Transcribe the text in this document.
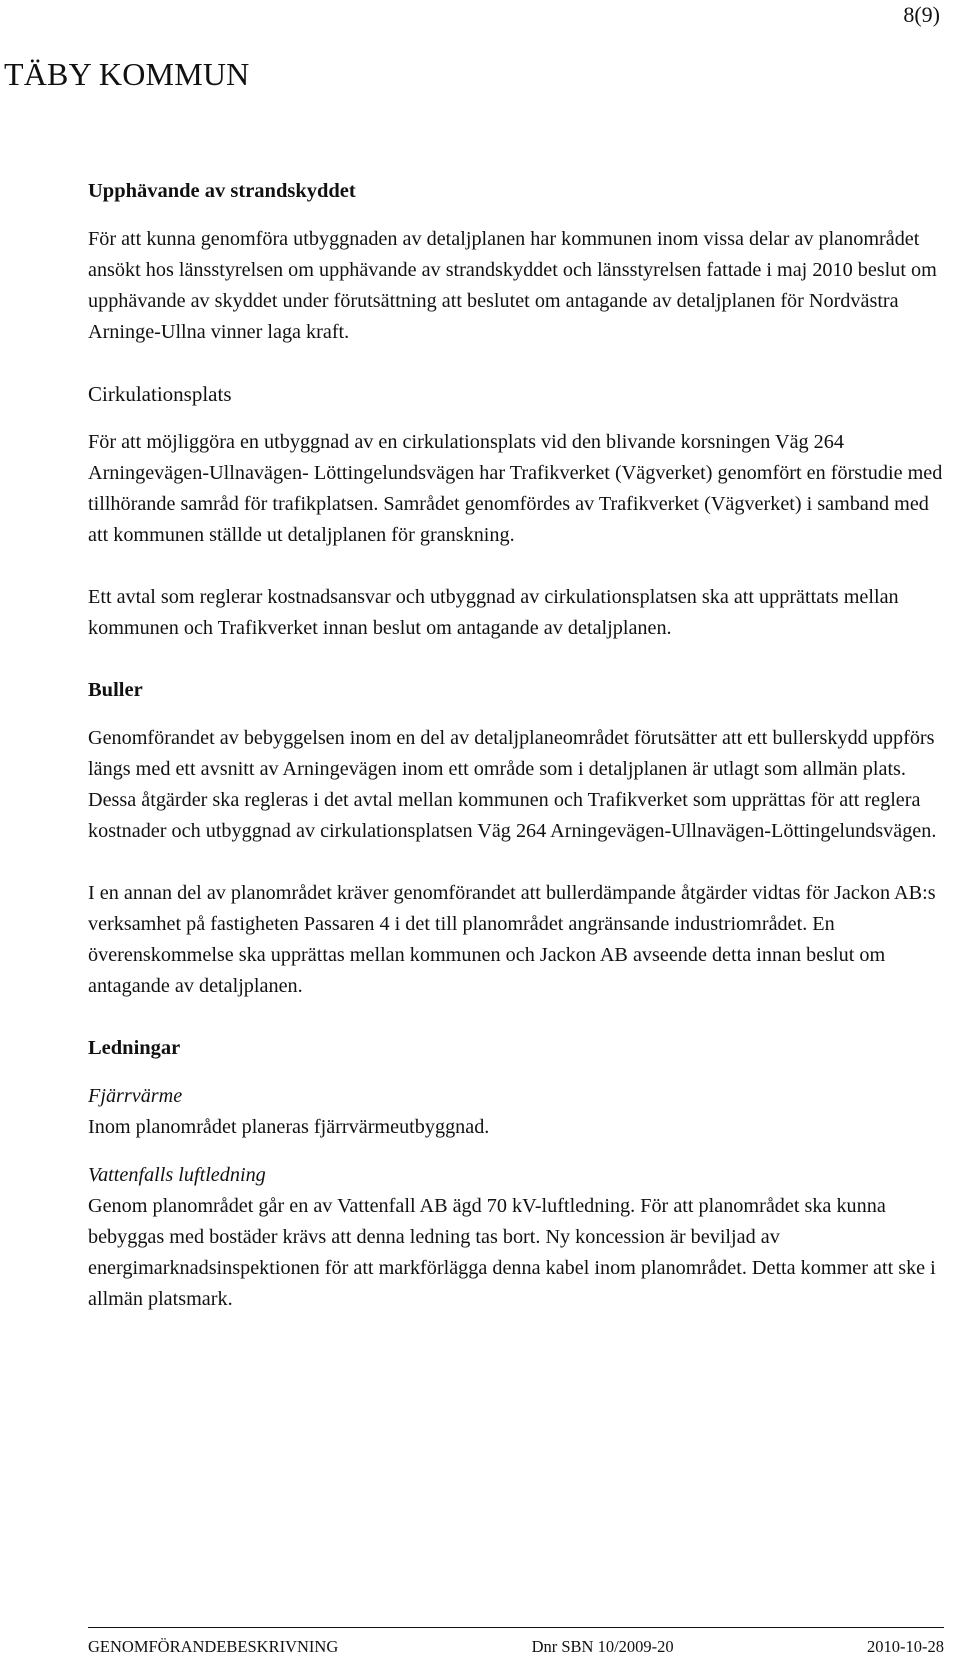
8(9)
TÄBY KOMMUN
Upphävande av strandskyddet
För att kunna genomföra utbyggnaden av detaljplanen har kommunen inom vissa delar av planområdet ansökt hos länsstyrelsen om upphävande av strandskyddet och länsstyrelsen fattade i maj 2010 beslut om upphävande av skyddet under förutsättning att beslutet om antagande av detaljplanen för Nordvästra Arninge-Ullna vinner laga kraft.
Cirkulationsplats
För att möjliggöra en utbyggnad av en cirkulationsplats vid den blivande korsningen Väg 264 Arningevägen-Ullnavägen- Löttingelundsvägen har Trafikverket (Vägverket) genomfört en förstudie med tillhörande samråd för trafikplatsen. Samrådet genomfördes av Trafikverket (Vägverket) i samband med att kommunen ställde ut detaljplanen för granskning.
Ett avtal som reglerar kostnadsansvar och utbyggnad av cirkulationsplatsen ska att upprättats mellan kommunen och Trafikverket innan beslut om antagande av detaljplanen.
Buller
Genomförandet av bebyggelsen inom en del av detaljplaneområdet förutsätter att ett bullerskydd uppförs längs med ett avsnitt av Arningevägen inom ett område som i detaljplanen är utlagt som allmän plats. Dessa åtgärder ska regleras i det avtal mellan kommunen och Trafikverket som upprättas för att reglera kostnader och utbyggnad av cirkulationsplatsen Väg 264 Arningevägen-Ullnavägen-Löttingelundsvägen.
I en annan del av planområdet kräver genomförandet att bullerdämpande åtgärder vidtas för Jackon AB:s verksamhet på fastigheten Passaren 4 i det till planområdet angränsande industriområdet. En överenskommelse ska upprättas mellan kommunen och Jackon AB avseende detta innan beslut om antagande av detaljplanen.
Ledningar
Fjärrvärme
Inom planområdet planeras fjärrvärmeutbyggnad.
Vattenfalls luftledning
Genom planområdet går en av Vattenfall AB ägd 70 kV-luftledning. För att planområdet ska kunna bebyggas med bostäder krävs att denna ledning tas bort. Ny koncession är beviljad av energimarknadsinspektionen för att markförlägga denna kabel inom planområdet. Detta kommer att ske i allmän platsmark.
GENOMFÖRANDEBESKRIVNING	Dnr SBN 10/2009-20	2010-10-28
